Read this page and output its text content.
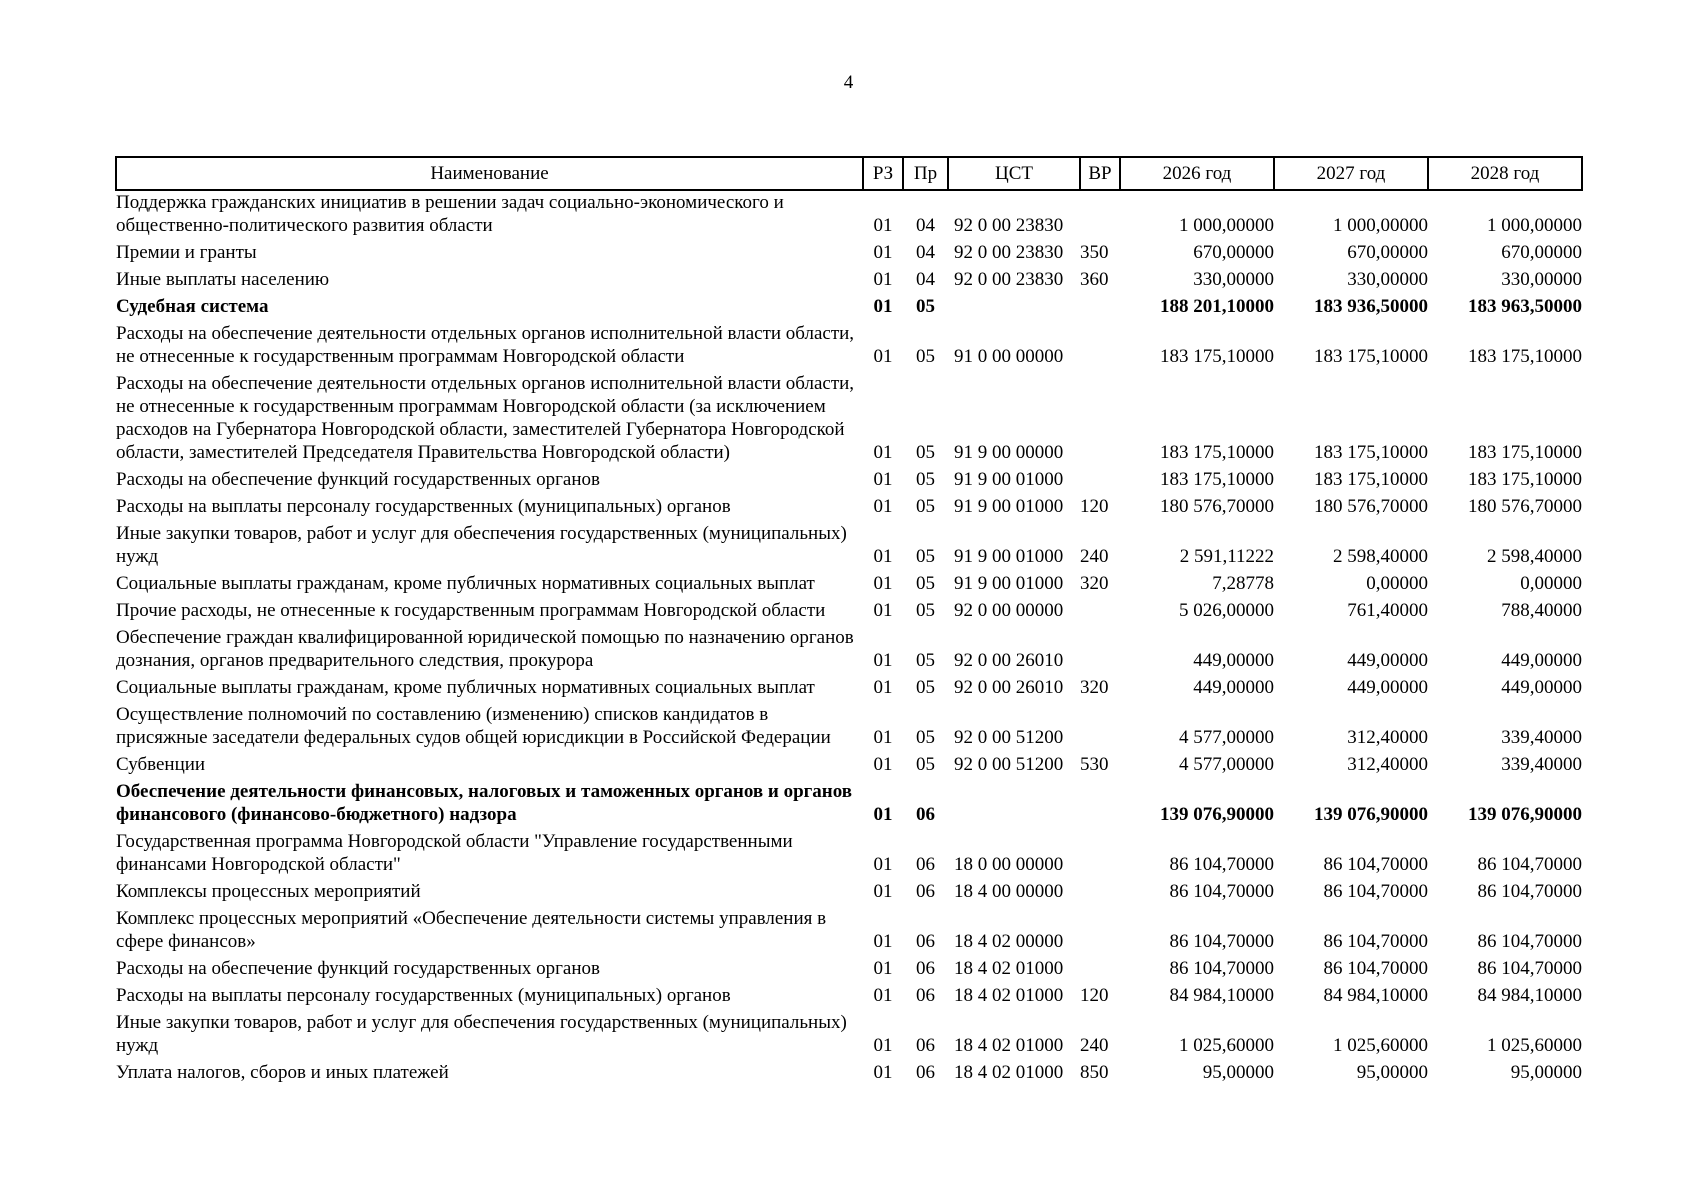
4
Наименование	РЗ	Пр	ЦСТ	ВР	2026 год	2027 год	2028 год
Поддержка гражданских инициатив в решении задач социально-экономического и общественно-политического развития области	01	04	92 0 00 23830		1 000,00000	1 000,00000	1 000,00000
Премии и гранты	01	04	92 0 00 23830	350	670,00000	670,00000	670,00000
Иные выплаты населению	01	04	92 0 00 23830	360	330,00000	330,00000	330,00000
Судебная система	01	05			188 201,10000	183 936,50000	183 963,50000
Расходы на обеспечение деятельности отдельных органов исполнительной власти области, не отнесенные к государственным программам Новгородской области	01	05	91 0 00 00000		183 175,10000	183 175,10000	183 175,10000
Расходы на обеспечение деятельности отдельных органов исполнительной власти области, не отнесенные к государственным программам Новгородской области (за исключением расходов на Губернатора Новгородской области, заместителей Губернатора Новгородской области, заместителей Председателя Правительства Новгородской области)	01	05	91 9 00 00000		183 175,10000	183 175,10000	183 175,10000
Расходы на обеспечение функций государственных органов	01	05	91 9 00 01000		183 175,10000	183 175,10000	183 175,10000
Расходы на выплаты персоналу государственных (муниципальных) органов	01	05	91 9 00 01000	120	180 576,70000	180 576,70000	180 576,70000
Иные закупки товаров, работ и услуг для обеспечения государственных (муниципальных) нужд	01	05	91 9 00 01000	240	2 591,11222	2 598,40000	2 598,40000
Социальные выплаты гражданам, кроме публичных нормативных социальных выплат	01	05	91 9 00 01000	320	7,28778	0,00000	0,00000
Прочие расходы, не отнесенные к государственным программам Новгородской области	01	05	92 0 00 00000		5 026,00000	761,40000	788,40000
Обеспечение граждан квалифицированной юридической помощью по назначению органов дознания, органов предварительного следствия, прокурора	01	05	92 0 00 26010		449,00000	449,00000	449,00000
Социальные выплаты гражданам, кроме публичных нормативных социальных выплат	01	05	92 0 00 26010	320	449,00000	449,00000	449,00000
Осуществление полномочий по составлению (изменению) списков кандидатов в присяжные заседатели федеральных судов общей юрисдикции в Российской Федерации	01	05	92 0 00 51200		4 577,00000	312,40000	339,40000
Субвенции	01	05	92 0 00 51200	530	4 577,00000	312,40000	339,40000
Обеспечение деятельности финансовых, налоговых и таможенных органов и органов финансового (финансово-бюджетного) надзора	01	06			139 076,90000	139 076,90000	139 076,90000
Государственная программа Новгородской области "Управление государственными финансами Новгородской области"	01	06	18 0 00 00000		86 104,70000	86 104,70000	86 104,70000
Комплексы процессных мероприятий	01	06	18 4 00 00000		86 104,70000	86 104,70000	86 104,70000
Комплекс процессных мероприятий «Обеспечение деятельности системы управления в сфере финансов»	01	06	18 4 02 00000		86 104,70000	86 104,70000	86 104,70000
Расходы на обеспечение функций государственных органов	01	06	18 4 02 01000		86 104,70000	86 104,70000	86 104,70000
Расходы на выплаты персоналу государственных (муниципальных) органов	01	06	18 4 02 01000	120	84 984,10000	84 984,10000	84 984,10000
Иные закупки товаров, работ и услуг для обеспечения государственных (муниципальных) нужд	01	06	18 4 02 01000	240	1 025,60000	1 025,60000	1 025,60000
Уплата налогов, сборов и иных платежей	01	06	18 4 02 01000	850	95,00000	95,00000	95,00000
